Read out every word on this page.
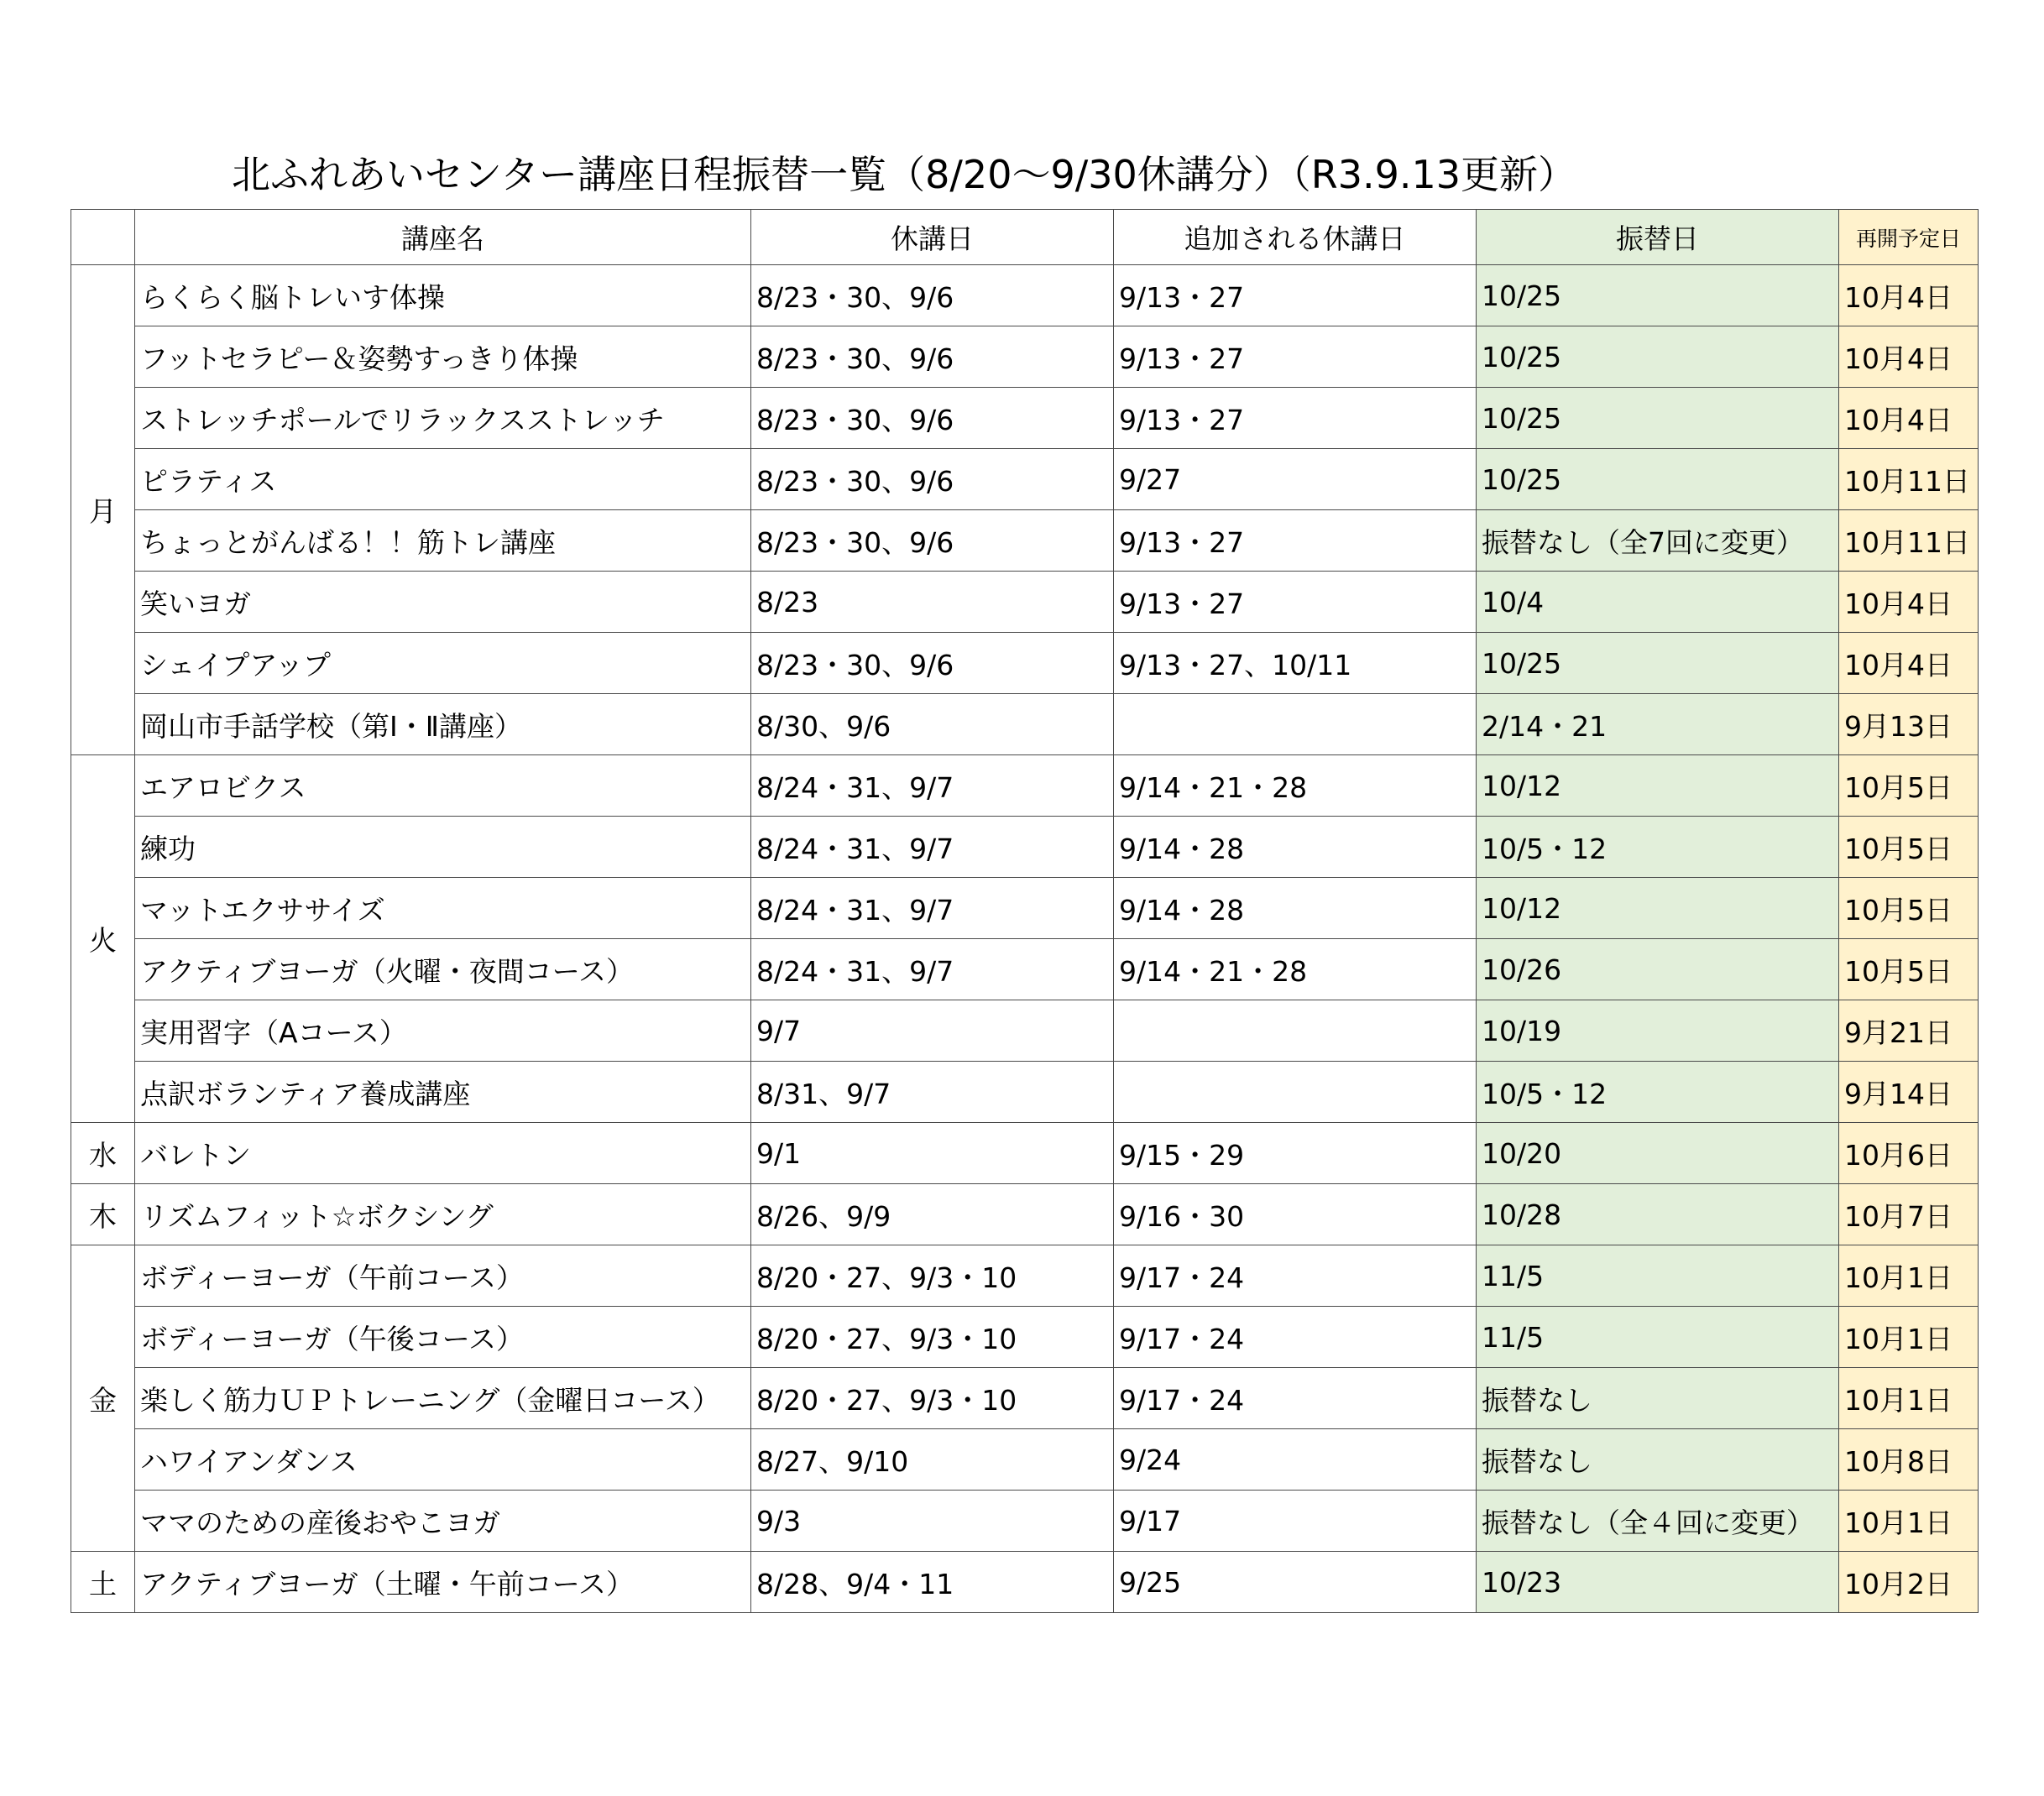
北ふれあいセンター講座日程振替一覧（8/20～9/30休講分）（R3.9.13更新）
	講座名	休講日	追加される休講日	振替日	再開予定日
月	らくらく脳トレいす体操	8/23・30、9/6	9/13・27	10/25	10月4日
	フットセラピー＆姿勢すっきり体操	8/23・30、9/6	9/13・27	10/25	10月4日
	ストレッチポールでリラックスストレッチ	8/23・30、9/6	9/13・27	10/25	10月4日
	ピラティス	8/23・30、9/6	9/27	10/25	10月11日
	ちょっとがんばる！！筋トレ講座	8/23・30、9/6	9/13・27	振替なし（全7回に変更）	10月11日
	笑いヨガ	8/23	9/13・27	10/4	10月4日
	シェイプアップ	8/23・30、9/6	9/13・27、10/11	10/25	10月4日
	岡山市手話学校（第Ⅰ・Ⅱ講座）	8/30、9/6		2/14・21	9月13日
火	エアロビクス	8/24・31、9/7	9/14・21・28	10/12	10月5日
	練功	8/24・31、9/7	9/14・28	10/5・12	10月5日
	マットエクササイズ	8/24・31、9/7	9/14・28	10/12	10月5日
	アクティブヨーガ（火曜・夜間コース）	8/24・31、9/7	9/14・21・28	10/26	10月5日
	実用習字（Aコース）	9/7		10/19	9月21日
	点訳ボランティア養成講座	8/31、9/7		10/5・12	9月14日
水	バレトン	9/1	9/15・29	10/20	10月6日
木	リズムフィット☆ボクシング	8/26、9/9	9/16・30	10/28	10月7日
金	ボディーヨーガ（午前コース）	8/20・27、9/3・10	9/17・24	11/5	10月1日
	ボディーヨーガ（午後コース）	8/20・27、9/3・10	9/17・24	11/5	10月1日
	楽しく筋力ＵＰトレーニング（金曜日コース）	8/20・27、9/3・10	9/17・24	振替なし	10月1日
	ハワイアンダンス	8/27、9/10	9/24	振替なし	10月8日
	ママのための産後おやこヨガ	9/3	9/17	振替なし（全４回に変更）	10月1日
土	アクティブヨーガ（土曜・午前コース）	8/28、9/4・11	9/25	10/23	10月2日
